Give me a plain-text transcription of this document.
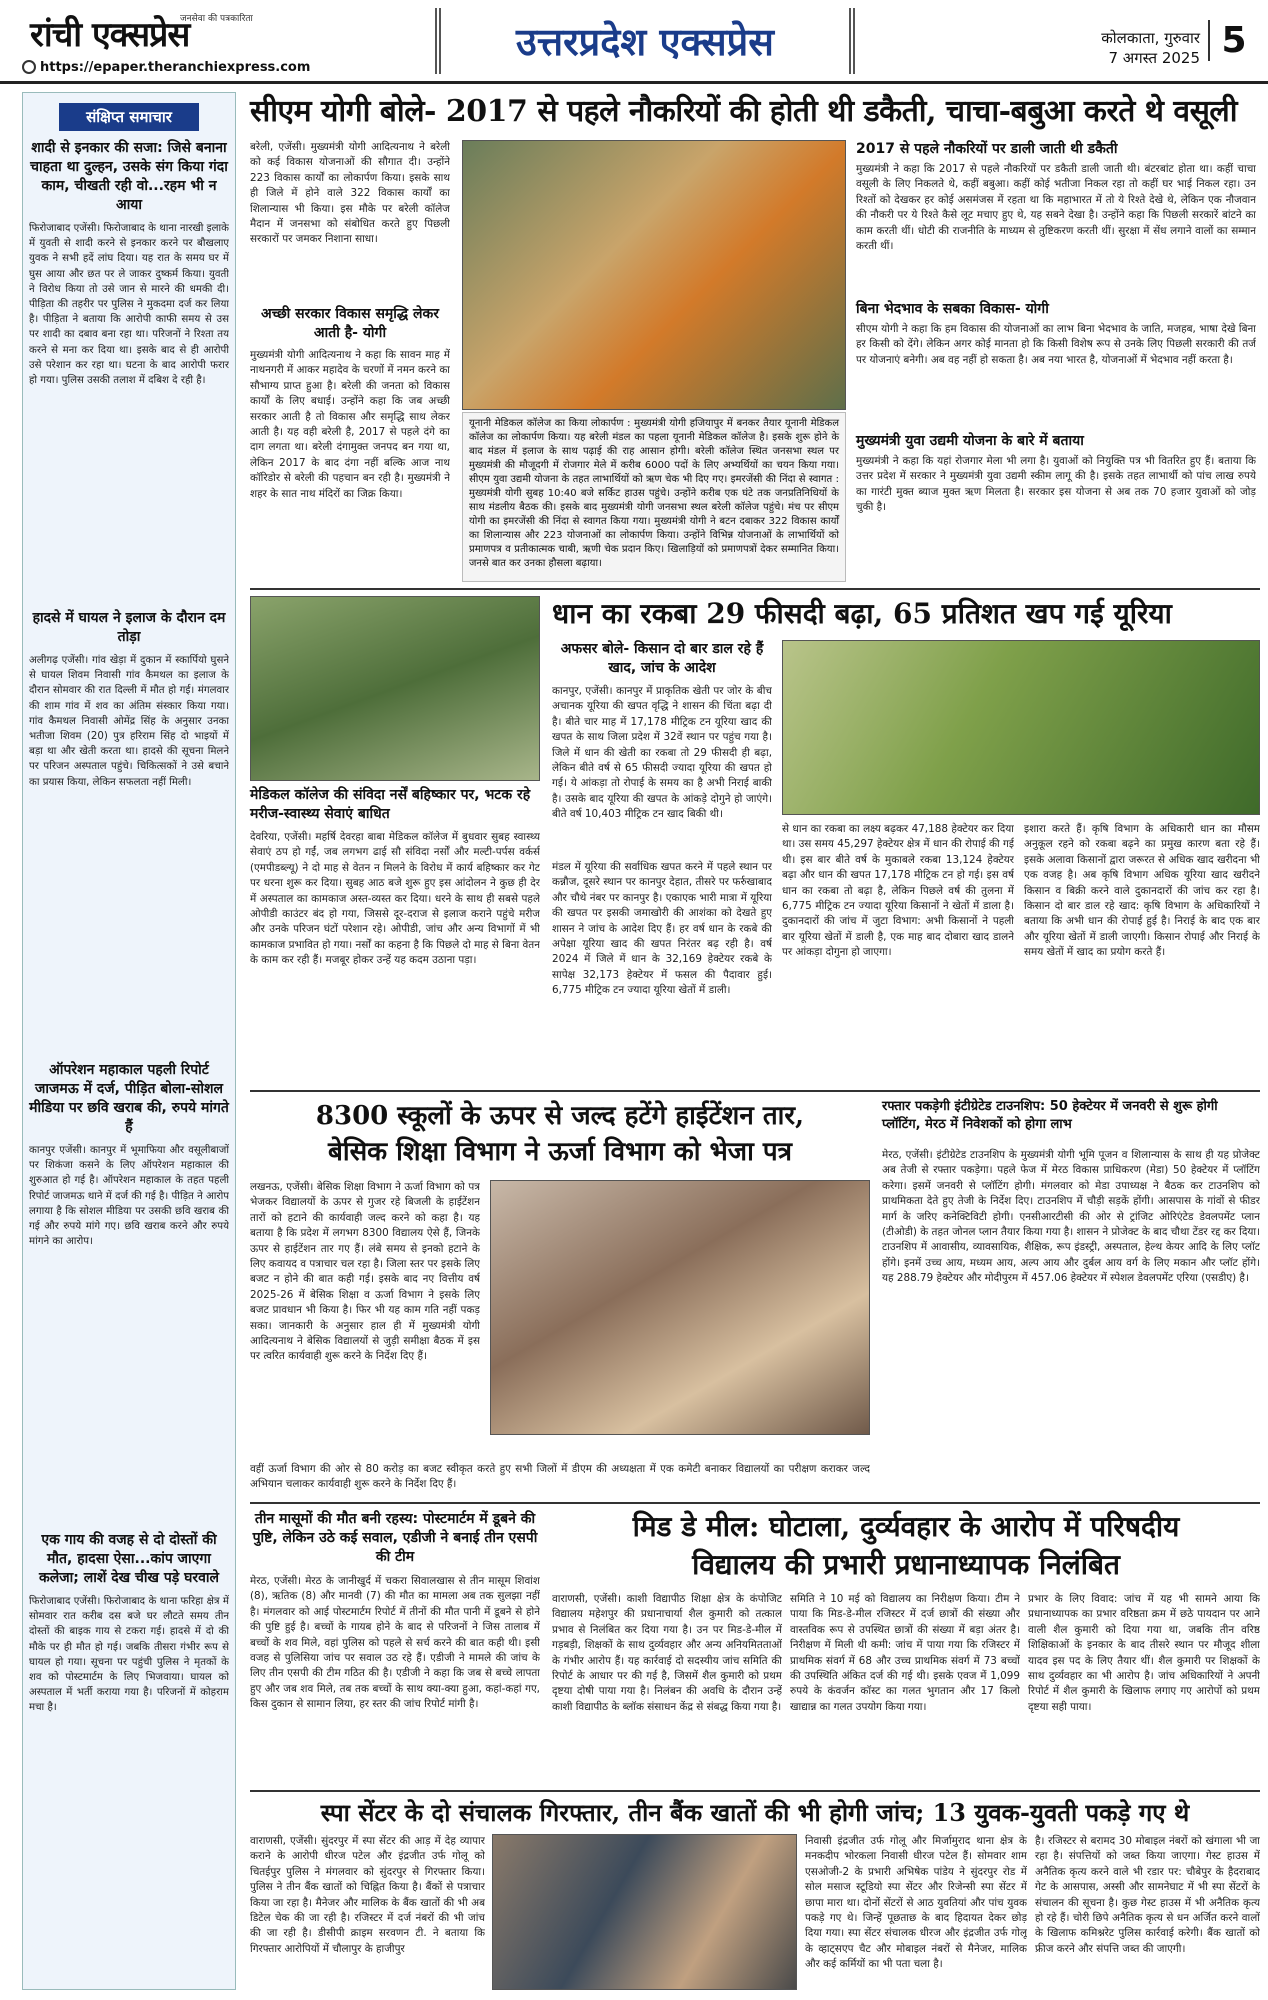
रांची एक्सप्रेस
जनसेवा की पत्रकारिता
https://epaper.theranchiexpress.com
उत्तरप्रदेश एक्सप्रेस	कोलकाता, गुरुवार
7 अगस्त 2025 5
संक्षिप्त समाचार
शादी से इनकार की सजा: जिसे बनाना चाहता था दुल्हन, उसके संग किया गंदा काम, चीखती रही वो...रहम भी न आया
फिरोजाबाद एजेंसी। फिरोजाबाद के थाना नारखी इलाके में युवती से शादी करने से इनकार करने पर बौखलाए युवक ने सभी हदें लांघ दिया। यह रात के समय घर में घुस आया और छत पर ले जाकर दुष्कर्म किया। युवती ने विरोध किया तो उसे जान से मारने की धमकी दी। पीड़िता की तहरीर पर पुलिस ने मुकदमा दर्ज कर लिया है। पीड़िता ने बताया कि आरोपी काफी समय से उस पर शादी का दबाव बना रहा था। परिजनों ने रिश्ता तय करने से मना कर दिया था। इसके बाद से ही आरोपी उसे परेशान कर रहा था। घटना के बाद आरोपी फरार हो गया। पुलिस उसकी तलाश में दबिश दे रही है।
हादसे में घायल ने इलाज के दौरान दम तोड़ा
अलीगढ़ एजेंसी। गांव खेड़ा में दुकान में स्कार्पियो घुसने से घायल शिवम निवासी गांव कैमथल का इलाज के दौरान सोमवार की रात दिल्ली में मौत हो गई। मंगलवार की शाम गांव में शव का अंतिम संस्कार किया गया। गांव कैमथल निवासी ओमेंद्र सिंह के अनुसार उनका भतीजा शिवम (20) पुत्र हरिराम सिंह दो भाइयों में बड़ा था और खेती करता था। हादसे की सूचना मिलने पर परिजन अस्पताल पहुंचे। चिकित्सकों ने उसे बचाने का प्रयास किया, लेकिन सफलता नहीं मिली।
ऑपरेशन महाकाल पहली रिपोर्ट जाजमऊ में दर्ज, पीड़ित बोला-सोशल मीडिया पर छवि खराब की, रुपये मांगते हैं
कानपुर एजेंसी। कानपुर में भूमाफिया और वसूलीबाजों पर शिकंजा कसने के लिए ऑपरेशन महाकाल की शुरुआत हो गई है। ऑपरेशन महाकाल के तहत पहली रिपोर्ट जाजमऊ थाने में दर्ज की गई है। पीड़ित ने आरोप लगाया है कि सोशल मीडिया पर उसकी छवि खराब की गई और रुपये मांगे गए। छवि खराब करने और रुपये मांगने का आरोप।
एक गाय की वजह से दो दोस्तों की मौत, हादसा ऐसा...कांप जाएगा कलेजा; लाशें देख चीख पड़े घरवाले
फिरोजाबाद एजेंसी। फिरोजाबाद के थाना फरिहा क्षेत्र में सोमवार रात करीब दस बजे घर लौटते समय तीन दोस्तों की बाइक गाय से टकरा गई। हादसे में दो की मौके पर ही मौत हो गई। जबकि तीसरा गंभीर रूप से घायल हो गया। सूचना पर पहुंची पुलिस ने मृतकों के शव को पोस्टमार्टम के लिए भिजवाया। घायल को अस्पताल में भर्ती कराया गया है। परिजनों में कोहराम मचा है।
सीएम योगी बोले- 2017 से पहले नौकरियों की होती थी डकैती, चाचा-बबुआ करते थे वसूली
बरेली, एजेंसी। मुख्यमंत्री योगी आदित्यनाथ ने बरेली को कई विकास योजनाओं की सौगात दी। उन्होंने 223 विकास कार्यों का लोकार्पण किया। इसके साथ ही जिले में होने वाले 322 विकास कार्यों का शिलान्यास भी किया। इस मौके पर बरेली कॉलेज मैदान में जनसभा को संबोधित करते हुए पिछली सरकारों पर जमकर निशाना साधा।
अच्छी सरकार विकास समृद्धि लेकर आती है- योगी
मुख्यमंत्री योगी आदित्यनाथ ने कहा कि सावन माह में नाथनगरी में आकर महादेव के चरणों में नमन करने का सौभाग्य प्राप्त हुआ है। बरेली की जनता को विकास कार्यों के लिए बधाई। उन्होंने कहा कि जब अच्छी सरकार आती है तो विकास और समृद्धि साथ लेकर आती है। यह वही बरेली है, 2017 से पहले दंगे का दाग लगता था। बरेली दंगामुक्त जनपद बन गया था, लेकिन 2017 के बाद दंगा नहीं बल्कि आज नाथ कॉरिडोर से बरेली की पहचान बन रही है। मुख्यमंत्री ने शहर के सात नाथ मंदिरों का जिक्र किया।
यूनानी मेडिकल कॉलेज का किया लोकार्पण : मुख्यमंत्री योगी हजियापुर में बनकर तैयार यूनानी मेडिकल कॉलेज का लोकार्पण किया। यह बरेली मंडल का पहला यूनानी मेडिकल कॉलेज है। इसके शुरू होने के बाद मंडल में इलाज के साथ पढ़ाई की राह आसान होगी। बरेली कॉलेज स्थित जनसभा स्थल पर मुख्यमंत्री की मौजूदगी में रोजगार मेले में करीब 6000 पदों के लिए अभ्यर्थियों का चयन किया गया। सीएम युवा उद्यमी योजना के तहत लाभार्थियों को ऋण चेक भी दिए गए। इमरजेंसी की निंदा से स्वागत : मुख्यमंत्री योगी सुबह 10:40 बजे सर्किट हाउस पहुंचे। उन्होंने करीब एक घंटे तक जनप्रतिनिधियों के साथ मंडलीय बैठक की। इसके बाद मुख्यमंत्री योगी जनसभा स्थल बरेली कॉलेज पहुंचे। मंच पर सीएम योगी का इमरजेंसी की निंदा से स्वागत किया गया। मुख्यमंत्री योगी ने बटन दबाकर 322 विकास कार्यों का शिलान्यास और 223 योजनाओं का लोकार्पण किया। उन्होंने विभिन्न योजनाओं के लाभार्थियों को प्रमाणपत्र व प्रतीकात्मक चाबी, ऋणी चेक प्रदान किए। खिलाड़ियों को प्रमाणपत्रों देकर सम्मानित किया। जनसे बात कर उनका हौसला बढ़ाया।
2017 से पहले नौकरियों पर डाली जाती थी डकैती
मुख्यमंत्री ने कहा कि 2017 से पहले नौकरियों पर डकैती डाली जाती थी। बंटरबांट होता था। कहीं चाचा वसूली के लिए निकलते थे, कहीं बबुआ। कहीं कोई भतीजा निकल रहा तो कहीं घर भाई निकल रहा। उन रिश्तों को देखकर हर कोई असमंजस में रहता था कि महाभारत में तो ये रिश्ते देखे थे, लेकिन एक नौजवान की नौकरी पर ये रिश्ते कैसे लूट मचाए हुए थे, यह सबने देखा है। उन्होंने कहा कि पिछली सरकारें बांटने का काम करती थीं। धोटी की राजनीति के माध्यम से तुष्टिकरण करती थीं। सुरक्षा में सेंध लगाने वालों का सम्मान करती थीं।
बिना भेदभाव के सबका विकास- योगी
सीएम योगी ने कहा कि हम विकास की योजनाओं का लाभ बिना भेदभाव के जाति, मजहब, भाषा देखे बिना हर किसी को देंगे। लेकिन अगर कोई मानता हो कि किसी विशेष रूप से उनके लिए पिछली सरकारी की तर्ज पर योजनाएं बनेगी। अब वह नहीं हो सकता है। अब नया भारत है, योजनाओं में भेदभाव नहीं करता है।
मुख्यमंत्री युवा उद्यमी योजना के बारे में बताया
मुख्यमंत्री ने कहा कि यहां रोजगार मेला भी लगा है। युवाओं को नियुक्ति पत्र भी वितरित हुए हैं। बताया कि उत्तर प्रदेश में सरकार ने मुख्यमंत्री युवा उद्यमी स्कीम लागू की है। इसके तहत लाभार्थी को पांच लाख रुपये का गारंटी मुक्त ब्याज मुक्त ऋण मिलता है। सरकार इस योजना से अब तक 70 हजार युवाओं को जोड़ चुकी है।
मेडिकल कॉलेज की संविदा नर्सें बहिष्कार पर, भटक रहे मरीज-स्वास्थ्य सेवाएं बाधित
देवरिया, एजेंसी। महर्षि देवरहा बाबा मेडिकल कॉलेज में बुधवार सुबह स्वास्थ्य सेवाएं ठप हो गईं, जब लगभग ढाई सौ संविदा नर्सों और मल्टी-पर्पस वर्कर्स (एमपीडब्ल्यू) ने दो माह से वेतन न मिलने के विरोध में कार्य बहिष्कार कर गेट पर धरना शुरू कर दिया। सुबह आठ बजे शुरू हुए इस आंदोलन ने कुछ ही देर में अस्पताल का कामकाज अस्त-व्यस्त कर दिया। धरने के साथ ही सबसे पहले ओपीडी काउंटर बंद हो गया, जिससे दूर-दराज से इलाज कराने पहुंचे मरीज और उनके परिजन घंटों परेशान रहे। ओपीडी, जांच और अन्य विभागों में भी कामकाज प्रभावित हो गया। नर्सों का कहना है कि पिछले दो माह से बिना वेतन के काम कर रही हैं। मजबूर होकर उन्हें यह कदम उठाना पड़ा।
धान का रकबा 29 फीसदी बढ़ा, 65 प्रतिशत खप गई यूरिया
अफसर बोले- किसान दो बार डाल रहे हैं खाद, जांच के आदेश
कानपुर, एजेंसी। कानपुर में प्राकृतिक खेती पर जोर के बीच अचानक यूरिया की खपत वृद्धि ने शासन की चिंता बढ़ा दी है। बीते चार माह में 17,178 मीट्रिक टन यूरिया खाद की खपत के साथ जिला प्रदेश में 32वें स्थान पर पहुंच गया है। जिले में धान की खेती का रकबा तो 29 फीसदी ही बढ़ा, लेकिन बीते वर्ष से 65 फीसदी ज्यादा यूरिया की खपत हो गई। ये आंकड़ा तो रोपाई के समय का है अभी निराई बाकी है। उसके बाद यूरिया की खपत के आंकड़े दोगुने हो जाएंगे। बीते वर्ष 10,403 मीट्रिक टन खाद बिकी थी।
मंडल में यूरिया की सर्वाधिक खपत करने में पहले स्थान पर कन्नौज, दूसरे स्थान पर कानपुर देहात, तीसरे पर फर्रुखाबाद और चौथे नंबर पर कानपुर है। एकाएक भारी मात्रा में यूरिया की खपत पर इसकी जमाखोरी की आशंका को देखते हुए शासन ने जांच के आदेश दिए हैं। हर वर्ष धान के रकबे की अपेक्षा यूरिया खाद की खपत निरंतर बढ़ रही है। वर्ष 2024 में जिले में धान के 32,169 हेक्टेयर रकबे के सापेक्ष 32,173 हेक्टेयर में फसल की पैदावार हुई। 6,775 मीट्रिक टन ज्यादा यूरिया खेतों में डाली।
से धान का रकबा का लक्ष्य बढ़कर 47,188 हेक्टेयर कर दिया था। उस समय 45,297 हेक्टेयर क्षेत्र में धान की रोपाई की गई थी। इस बार बीते वर्ष के मुकाबले रकबा 13,124 हेक्टेयर बढ़ा और धान की खपत 17,178 मीट्रिक टन हो गई। इस वर्ष धान का रकबा तो बढ़ा है, लेकिन पिछले वर्ष की तुलना में 6,775 मीट्रिक टन ज्यादा यूरिया किसानों ने खेतों में डाला है। दुकानदारों की जांच में जुटा विभाग: अभी किसानों ने पहली बार यूरिया खेतों में डाली है, एक माह बाद दोबारा खाद डालने पर आंकड़ा दोगुना हो जाएगा।
इशारा करते हैं। कृषि विभाग के अधिकारी धान का मौसम अनुकूल रहने को रकबा बढ़ने का प्रमुख कारण बता रहे हैं। इसके अलावा किसानों द्वारा जरूरत से अधिक खाद खरीदना भी एक वजह है। अब कृषि विभाग अधिक यूरिया खाद खरीदने किसान व बिक्री करने वाले दुकानदारों की जांच कर रहा है। किसान दो बार डाल रहे खाद: कृषि विभाग के अधिकारियों ने बताया कि अभी धान की रोपाई हुई है। निराई के बाद एक बार और यूरिया खेतों में डाली जाएगी। किसान रोपाई और निराई के समय खेतों में खाद का प्रयोग करते हैं।
8300 स्कूलों के ऊपर से जल्द हटेंगे हाईटेंशन तार,
बेसिक शिक्षा विभाग ने ऊर्जा विभाग को भेजा पत्र
लखनऊ, एजेंसी। बेसिक शिक्षा विभाग ने ऊर्जा विभाग को पत्र भेजकर विद्यालयों के ऊपर से गुजर रहे बिजली के हाईटेंशन तारों को हटाने की कार्यवाही जल्द करने को कहा है। यह बताया है कि प्रदेश में लगभग 8300 विद्यालय ऐसे हैं, जिनके ऊपर से हाईटेंशन तार गए हैं। लंबे समय से इनको हटाने के लिए कवायद व पत्राचार चल रहा है। जिला स्तर पर इसके लिए बजट न होने की बात कही गई। इसके बाद नए वित्तीय वर्ष 2025-26 में बेसिक शिक्षा व ऊर्जा विभाग ने इसके लिए बजट प्रावधान भी किया है। फिर भी यह काम गति नहीं पकड़ सका। जानकारी के अनुसार हाल ही में मुख्यमंत्री योगी आदित्यनाथ ने बेसिक विद्यालयों से जुड़ी समीक्षा बैठक में इस पर त्वरित कार्यवाही शुरू करने के निर्देश दिए हैं।
वहीं ऊर्जा विभाग की ओर से 80 करोड़ का बजट स्वीकृत करते हुए सभी जिलों में डीएम की अध्यक्षता में एक कमेटी बनाकर विद्यालयों का परीक्षण कराकर जल्द अभियान चलाकर कार्यवाही शुरू करने के निर्देश दिए हैं।
रफ्तार पकड़ेगी इंटीग्रेटेड टाउनशिप: 50 हेक्टेयर में जनवरी से शुरू होगी प्लॉटिंग, मेरठ में निवेशकों को होगा लाभ
मेरठ, एजेंसी। इंटीग्रेटेड टाउनशिप के मुख्यमंत्री योगी भूमि पूजन व शिलान्यास के साथ ही यह प्रोजेक्ट अब तेजी से रफ्तार पकड़ेगा। पहले फेज में मेरठ विकास प्राधिकरण (मेडा) 50 हेक्टेयर में प्लॉटिंग करेगा। इसमें जनवरी से प्लॉटिंग होगी। मंगलवार को मेडा उपाध्यक्ष ने बैठक कर टाउनशिप को प्राथमिकता देते हुए तेजी के निर्देश दिए। टाउनशिप में चौड़ी सड़कें होंगी। आसपास के गांवों से फीडर मार्ग के जरिए कनेक्टिविटी होगी। एनसीआरटीसी की ओर से ट्रांजिट ओरिएंटेड डेवलपमेंट प्लान (टीओडी) के तहत जोनल प्लान तैयार किया गया है। शासन ने प्रोजेक्ट के बाद चौथा टेंडर रद्द कर दिया। टाउनशिप में आवासीय, व्यावसायिक, शैक्षिक, रूप इंडस्ट्री, अस्पताल, हेल्थ केयर आदि के लिए प्लॉट होंगे। इनमें उच्च आय, मध्यम आय, अल्प आय और दुर्बल आय वर्ग के लिए मकान और प्लॉट होंगे। यह 288.79 हेक्टेयर और मोदीपुरम में 457.06 हेक्टेयर में स्पेशल डेवलपमेंट एरिया (एसडीए) है।
तीन मासूमों की मौत बनी रहस्य: पोस्टमार्टम में डूबने की पुष्टि, लेकिन उठे कई सवाल, एडीजी ने बनाई तीन एसपी की टीम
मेरठ, एजेंसी। मेरठ के जानीखुर्द में चकरा सिवालखास से तीन मासूम शिवांश (8), ऋतिक (8) और मानवी (7) की मौत का मामला अब तक सुलझा नहीं है। मंगलवार को आई पोस्टमार्टम रिपोर्ट में तीनों की मौत पानी में डूबने से होने की पुष्टि हुई है। बच्चों के गायब होने के बाद से परिजनों ने जिस तालाब में बच्चों के शव मिले, वहां पुलिस को पहले से सर्च करने की बात कही थी। इसी वजह से पुलिसिया जांच पर सवाल उठ रहे हैं। एडीजी ने मामले की जांच के लिए तीन एसपी की टीम गठित की है। एडीजी ने कहा कि जब से बच्चे लापता हुए और जब शव मिले, तब तक बच्चों के साथ क्या-क्या हुआ, कहां-कहां गए, किस दुकान से सामान लिया, हर स्तर की जांच रिपोर्ट मांगी है।
मिड डे मील: घोटाला, दुर्व्यवहार के आरोप में परिषदीय
विद्यालय की प्रभारी प्रधानाध्यापक निलंबित
वाराणसी, एजेंसी। काशी विद्यापीठ शिक्षा क्षेत्र के कंपोजिट विद्यालय महेशपुर की प्रधानाचार्या शैल कुमारी को तत्काल प्रभाव से निलंबित कर दिया गया है। उन पर मिड-डे-मील में गड़बड़ी, शिक्षकों के साथ दुर्व्यवहार और अन्य अनियमितताओं के गंभीर आरोप हैं। यह कार्रवाई दो सदस्यीय जांच समिति की रिपोर्ट के आधार पर की गई है, जिसमें शैल कुमारी को प्रथम दृष्टया दोषी पाया गया है। निलंबन की अवधि के दौरान उन्हें काशी विद्यापीठ के ब्लॉक संसाधन केंद्र से संबद्ध किया गया है।
समिति ने 10 मई को विद्यालय का निरीक्षण किया। टीम ने पाया कि मिड-डे-मील रजिस्टर में दर्ज छात्रों की संख्या और वास्तविक रूप से उपस्थित छात्रों की संख्या में बड़ा अंतर है। निरीक्षण में मिली थी कमी: जांच में पाया गया कि रजिस्टर में प्राथमिक संवर्ग में 68 और उच्च प्राथमिक संवर्ग में 73 बच्चों की उपस्थिति अंकित दर्ज की गई थी। इसके एवज में 1,099 रुपये के कंवर्जन कॉस्ट का गलत भुगतान और 17 किलो खाद्यान्न का गलत उपयोग किया गया।
प्रभार के लिए विवाद: जांच में यह भी सामने आया कि प्रधानाध्यापक का प्रभार वरिष्ठता क्रम में छठे पायदान पर आने वाली शैल कुमारी को दिया गया था, जबकि तीन वरिष्ठ शिक्षिकाओं के इनकार के बाद तीसरे स्थान पर मौजूद शीला यादव इस पद के लिए तैयार थीं। शैल कुमारी पर शिक्षकों के साथ दुर्व्यवहार का भी आरोप है। जांच अधिकारियों ने अपनी रिपोर्ट में शैल कुमारी के खिलाफ लगाए गए आरोपों को प्रथम दृष्टया सही पाया।
स्पा सेंटर के दो संचालक गिरफ्तार, तीन बैंक खातों की भी होगी जांच; 13 युवक-युवती पकड़े गए थे
वाराणसी, एजेंसी। सुंदरपुर में स्पा सेंटर की आड़ में देह व्यापार कराने के आरोपी धीरज पटेल और इंद्रजीत उर्फ गोलू को चितईपुर पुलिस ने मंगलवार को सुंदरपुर से गिरफ्तार किया। पुलिस ने तीन बैंक खातों को चिह्नित किया है। बैंकों से पत्राचार किया जा रहा है। मैनेजर और मालिक के बैंक खातों की भी अब डिटेल चेक की जा रही है। रजिस्टर में दर्ज नंबरों की भी जांच की जा रही है। डीसीपी क्राइम सरवणन टी. ने बताया कि गिरफ्तार आरोपियों में चौलापुर के हाजीपुर
निवासी इंद्रजीत उर्फ गोलू और मिर्जामुराद थाना क्षेत्र के मनकदीप भोरकला निवासी धीरज पटेल हैं। सोमवार शाम एसओजी-2 के प्रभारी अभिषेक पांडेय ने सुंदरपुर रोड में सोल मसाज स्टूडियो स्पा सेंटर और रिजेन्सी स्पा सेंटर में छापा मारा था। दोनों सेंटरों से आठ युवतियां और पांच युवक पकड़े गए थे। जिन्हें पूछताछ के बाद हिदायत देकर छोड़ दिया गया। स्पा सेंटर संचालक धीरज और इंद्रजीत उर्फ गोलू के व्हाट्सएप चैट और मोबाइल नंबरों से मैनेजर, मालिक और कई कर्मियों का भी पता चला है।
है। रजिस्टर से बरामद 30 मोबाइल नंबरों को खंगाला भी जा रहा है। संपत्तियों को जब्त किया जाएगा। गेस्ट हाउस में अनैतिक कृत्य करने वाले भी रडार पर: चौबेपुर के हैदराबाद गेट के आसपास, अस्सी और सामनेघाट में भी स्पा सेंटरों के संचालन की सूचना है। कुछ गेस्ट हाउस में भी अनैतिक कृत्य हो रहे हैं। चोरी छिपे अनैतिक कृत्य से धन अर्जित करने वालों के खिलाफ कमिश्नरेट पुलिस कार्रवाई करेगी। बैंक खातों को फ्रीज करने और संपत्ति जब्त की जाएगी।
